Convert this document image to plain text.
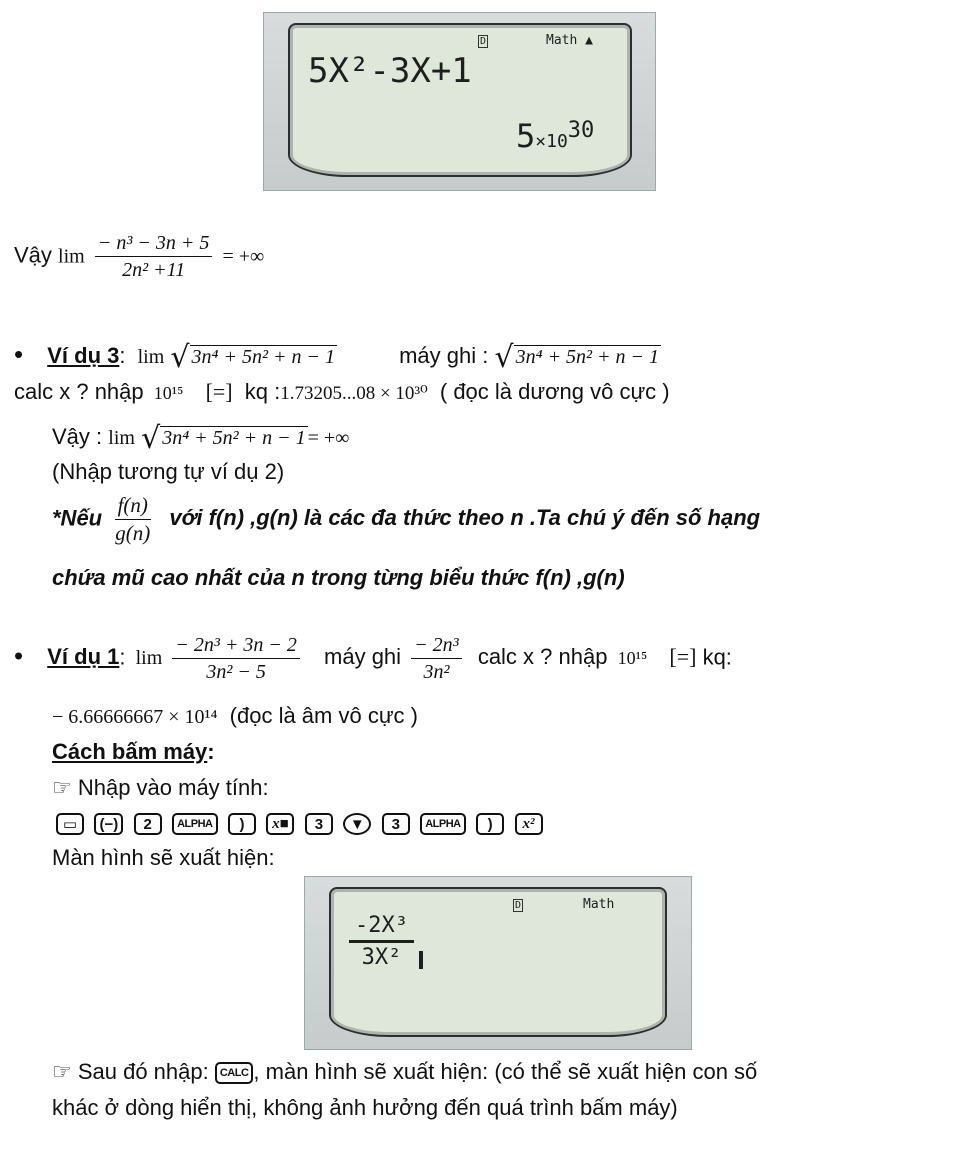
D	Math ▲
5X²-3X+1
$5\times 10^{30}$
Vậy $\lim \frac{\text{− n³ − 3n + 5}}{\text{2n² +11}}$ = +∞
• Ví dụ 3: lim √ 3n⁴ + 5n² + n − 1	máy ghi : √ 3n⁴ + 5n² + n − 1
calc x ? nhập 10¹⁵ [=] kq :1.73205...08 × 10³⁰ ( đọc là dương vô cực )
Vậy : lim √ 3n⁴ + 5n² + n − 1 = +∞
(Nhập tương tự ví dụ 2)
*Nếu $\frac{f(n)}{g(n)}$ với f(n) ,g(n) là các đa thức theo n .Ta chú ý đến số hạng
chứa mũ cao nhất của n trong từng biểu thức f(n) ,g(n)
• Ví dụ 1: $\lim \frac{\text{− 2n³ + 3n − 2}}{\text{3n² − 5}}$ máy ghi $\frac{\text{− 2n³}}{\text{3n²}}$ calc x ? nhập 10¹⁵ [=] kq:
− 6.66666667 × 10¹⁴ (đọc là âm vô cực )
Cách bấm máy:
☞ Nhập vào máy tính:
▭ (−) 2 ALPHA ) x■ 3 ▼ 3 ALPHA ) x²
Màn hình sẽ xuất hiện:
D	Math
$\frac{\text{-2X³}}{\text{3X²}}$
☞ Sau đó nhập: CALC , màn hình sẽ xuất hiện: (có thể sẽ xuất hiện con số
khác ở dòng hiển thị, không ảnh hưởng đến quá trình bấm máy)
